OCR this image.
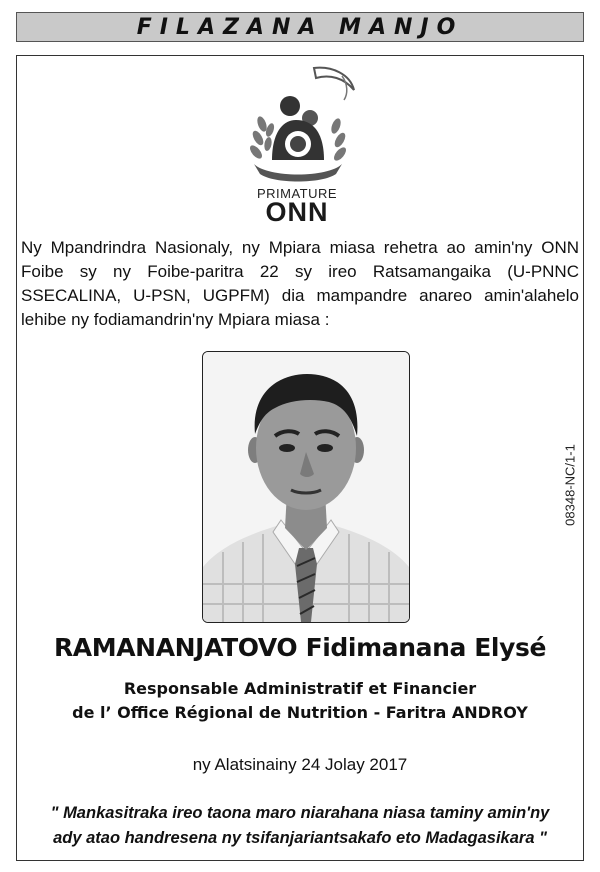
FILAZANA MANJO
PRIMATURE
ONN
Ny Mpandrindra Nasionaly, ny Mpiara miasa rehetra ao amin'ny ONN Foibe sy ny Foibe-paritra 22 sy ireo Ratsamangaika (U-PNNC SSECALINA, U-PSN, UGPFM) dia mampandre anareo amin'alahelo lehibe ny fodiamandrin'ny Mpiara miasa :
08348-NC/1-1
RAMANANJATOVO Fidimanana Elysé
Responsable Administratif et Financier
de l’ Office Régional de Nutrition - Faritra ANDROY
ny Alatsinainy 24 Jolay 2017
" Mankasitraka ireo taona maro niarahana niasa taminy amin'ny
ady atao handresena ny tsifanjariantsakafo eto Madagasikara "
